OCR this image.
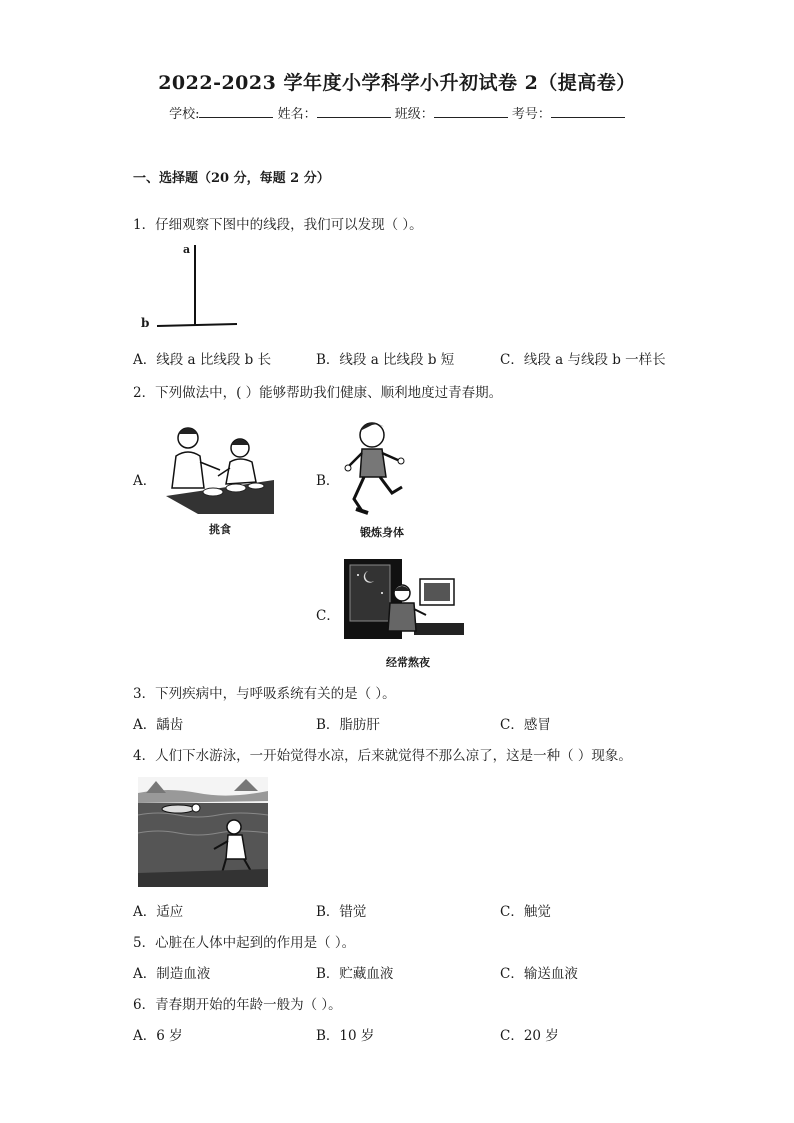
2022-2023 学年度小学科学小升初试卷 2（提高卷）
学校:	姓名：	班级：	考号：
一、选择题（20 分，每题 2 分）
1．仔细观察下图中的线段，我们可以发现（ ）。
a
b
A．线段 a 比线段 b 长	B．线段 a 比线段 b 短	C．线段 a 与线段 b 一样长
2．下列做法中，( ）能够帮助我们健康、顺利地度过青春期。
A．
挑食
B．
锻炼身体
C．
经常熬夜
3．下列疾病中，与呼吸系统有关的是（ ）。
A．龋齿	B．脂肪肝	C．感冒
4．人们下水游泳，一开始觉得水凉，后来就觉得不那么凉了，这是一种（ ）现象。
A．适应	B．错觉	C．触觉
5．心脏在人体中起到的作用是（ ）。
A．制造血液	B．贮藏血液	C．输送血液
6．青春期开始的年龄一般为（ ）。
A．6 岁	B．10 岁	C．20 岁
